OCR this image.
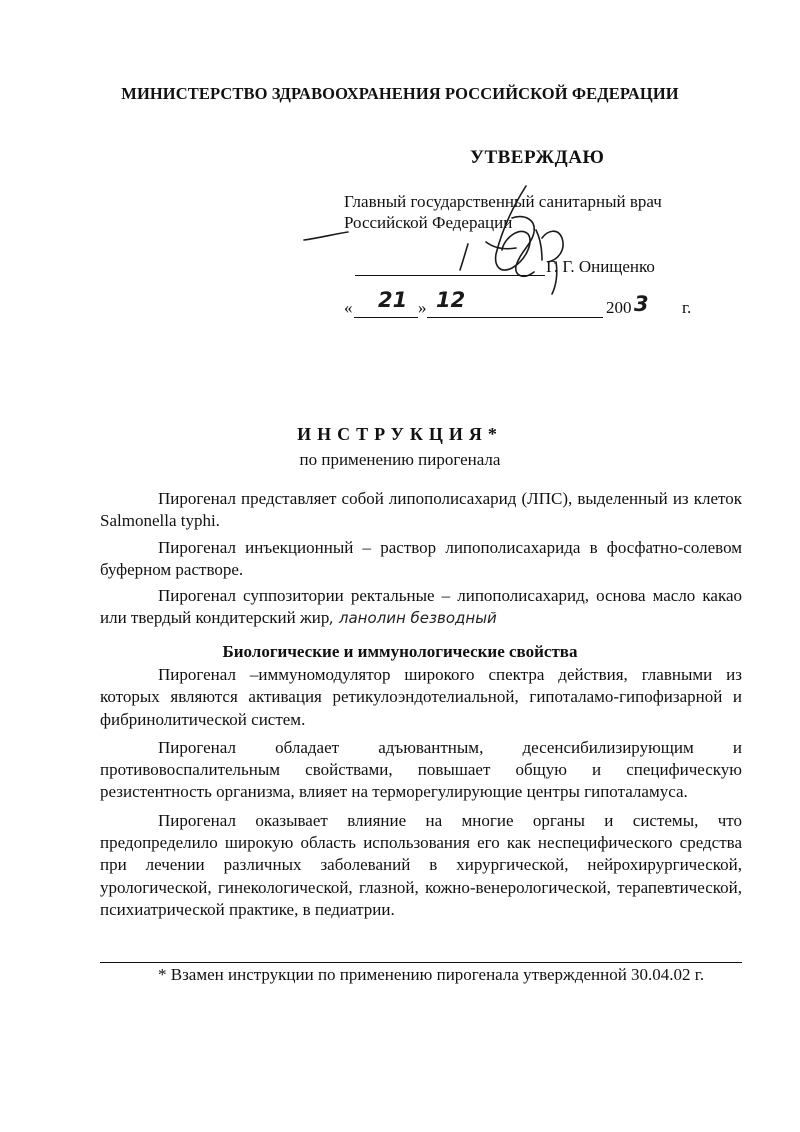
МИНИСТЕРСТВО ЗДРАВООХРАНЕНИЯ РОССИЙСКОЙ ФЕДЕРАЦИИ
УТВЕРЖДАЮ
Главный государственный санитарный врач
Российской Федерации
Г. Г. Онищенко
« 21 » 12	200 3 г.
ИНСТРУКЦИЯ*
по применению пирогенала

Пирогенал представляет собой липополисахарид (ЛПС), выделенный из клеток Salmonella typhi.

Пирогенал инъекционный – раствор липополисахарида в фосфатно-солевом буферном растворе.

Пирогенал суппозитории ректальные – липополисахарид, основа масло какао или твердый кондитерский жир, ланолин безводный

Биологические и иммунологические свойства

Пирогенал –иммуномодулятор широкого спектра действия, главными из которых являются активация ретикулоэндотелиальной, гипоталамо-гипофизарной и фибринолитической систем.

Пирогенал обладает адъювантным, десенсибилизирующим и противовоспалительным свойствами, повышает общую и специфическую резистентность организма, влияет на терморегулирующие центры гипоталамуса.

Пирогенал оказывает влияние на многие органы и системы, что предопределило широкую область использования его как неспецифического средства при лечении различных заболеваний в хирургической, нейрохирургической, урологической, гинекологической, глазной, кожно-венерологической, терапевтической, психиатрической практике, в педиатрии.

* Взамен инструкции по применению пирогенала утвержденной 30.04.02 г.
